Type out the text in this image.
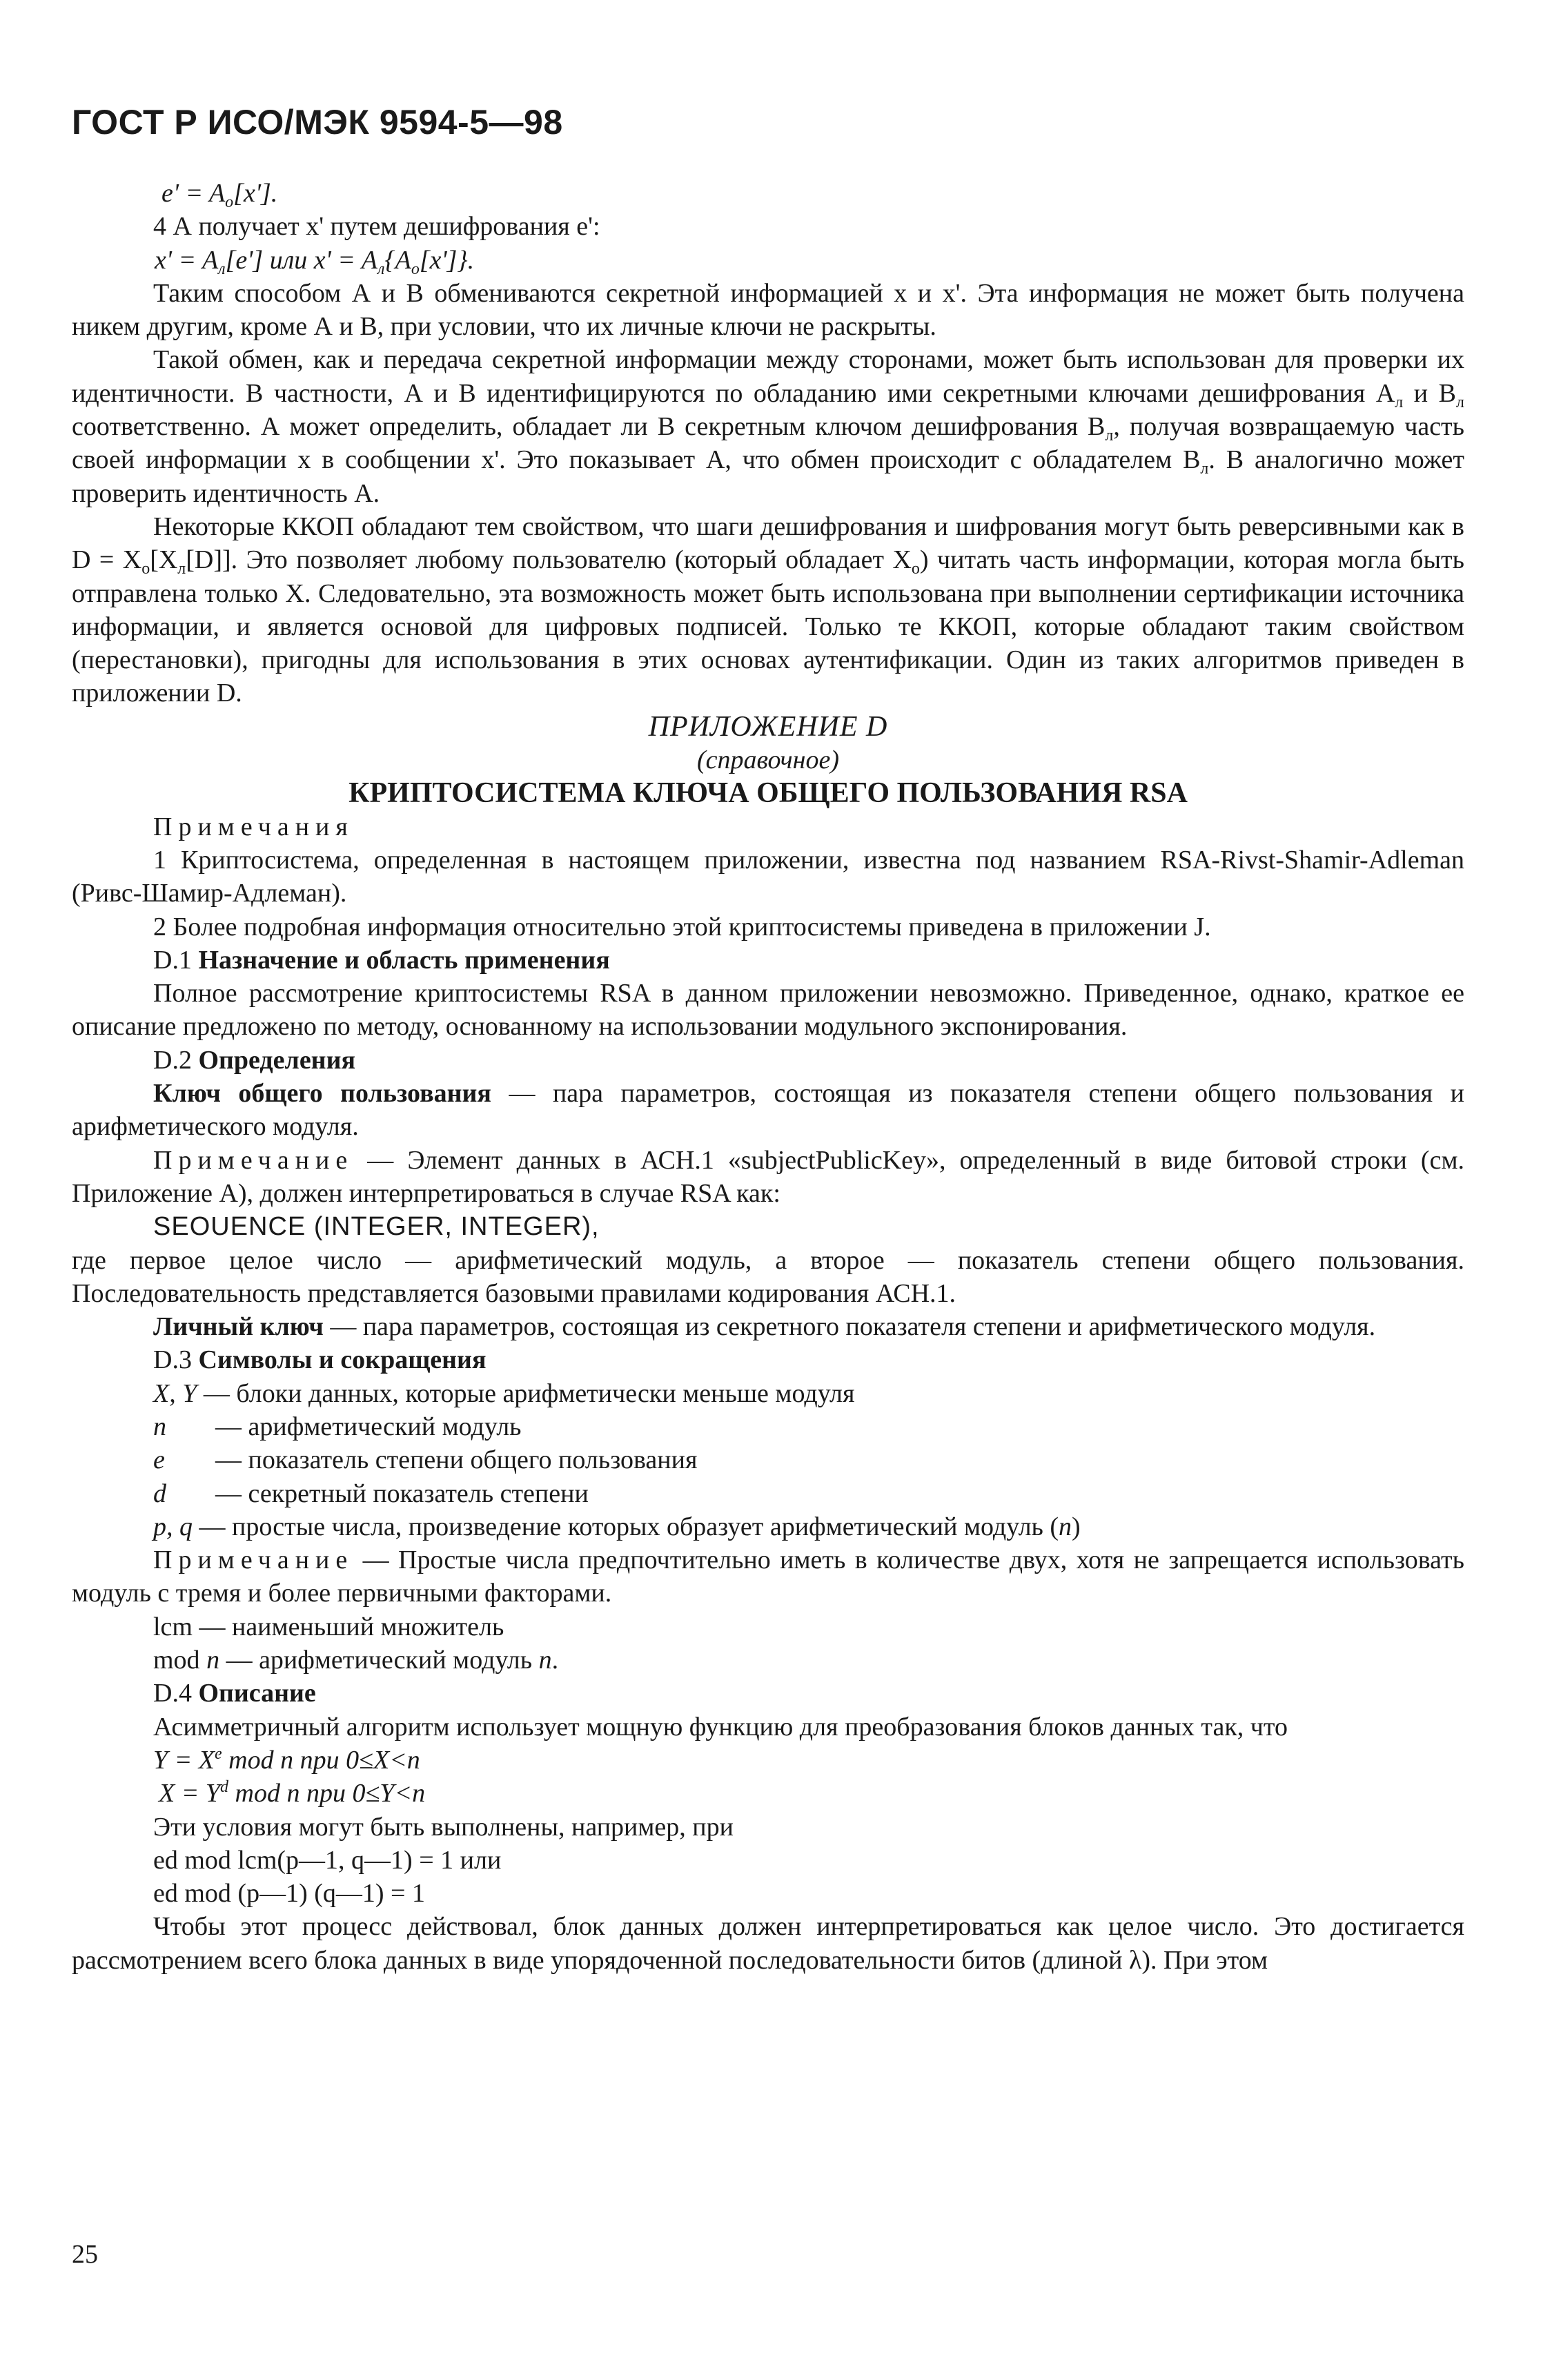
ГОСТ Р ИСО/МЭК 9594-5—98

$e' = A_о[x']$.

4 А получает x' путем дешифрования e':

$x' = A_л[e']$ или $x' = A_л\{A_о[x']\}$.

Таким способом А и В обмениваются секретной информацией x и x'. Эта информация не может быть получена никем другим, кроме А и В, при условии, что их личные ключи не раскрыты.

Такой обмен, как и передача секретной информации между сторонами, может быть использован для проверки их идентичности. В частности, А и В идентифицируются по обладанию ими секретными ключами дешифрования $А_л$ и $В_л$ соответственно. А может определить, обладает ли В секретным ключом дешифрования $В_л$, получая возвращаемую часть своей информации x в сообщении x'. Это показывает А, что обмен происходит с обладателем $В_л$. В аналогично может проверить идентичность А.

Некоторые ККОП обладают тем свойством, что шаги дешифрования и шифрования могут быть реверсивными как в $D = X_о[X_л[D]]$. Это позволяет любому пользователю (который обладает $X_о$) читать часть информации, которая могла быть отправлена только X. Следовательно, эта возможность может быть использована при выполнении сертификации источника информации, и является основой для цифровых подписей. Только те ККОП, которые обладают таким свойством (перестановки), пригодны для использования в этих основах аутентификации. Один из таких алгоритмов приведен в приложении D.

ПРИЛОЖЕНИЕ D

(справочное)

КРИПТОСИСТЕМА КЛЮЧА ОБЩЕГО ПОЛЬЗОВАНИЯ RSA

Примечания

1 Криптосистема, определенная в настоящем приложении, известна под названием RSA-Rivst-Shamir-Adleman (Ривс-Шамир-Адлеман).

2 Более подробная информация относительно этой криптосистемы приведена в приложении J.

D.1 Назначение и область применения

Полное рассмотрение криптосистемы RSA в данном приложении невозможно. Приведенное, однако, краткое ее описание предложено по методу, основанному на использовании модульного экспонирования.

D.2 Определения

Ключ общего пользования — пара параметров, состоящая из показателя степени общего пользования и арифметического модуля.

Примечание — Элемент данных в АСН.1 «subjectPublicKey», определенный в виде битовой строки (см. Приложение А), должен интерпретироваться в случае RSA как:

SEOUENCE (INTEGER, INTEGER),

где первое целое число — арифметический модуль, а второе — показатель степени общего пользования. Последовательность представляется базовыми правилами кодирования АСН.1.

Личный ключ — пара параметров, состоящая из секретного показателя степени и арифметического модуля.

D.3 Символы и сокращения

X, Y — блоки данных, которые арифметически меньше модуля

n — арифметический модуль

e — показатель степени общего пользования

d — секретный показатель степени

p, q — простые числа, произведение которых образует арифметический модуль (n)

Примечание — Простые числа предпочтительно иметь в количестве двух, хотя не запрещается использовать модуль с тремя и более первичными факторами.

lcm — наименьший множитель

mod n — арифметический модуль n.

D.4 Описание

Асимметричный алгоритм использует мощную функцию для преобразования блоков данных так, что

$Y = X^e$ mod n при 0≤X<n

$X = Y^d$ mod n при 0≤Y<n

Эти условия могут быть выполнены, например, при

ed mod lcm(p—1, q—1) = 1 или

ed mod (p—1) (q—1) = 1

Чтобы этот процесс действовал, блок данных должен интерпретироваться как целое число. Это достигается рассмотрением всего блока данных в виде упорядоченной последовательности битов (длиной λ). При этом

25
